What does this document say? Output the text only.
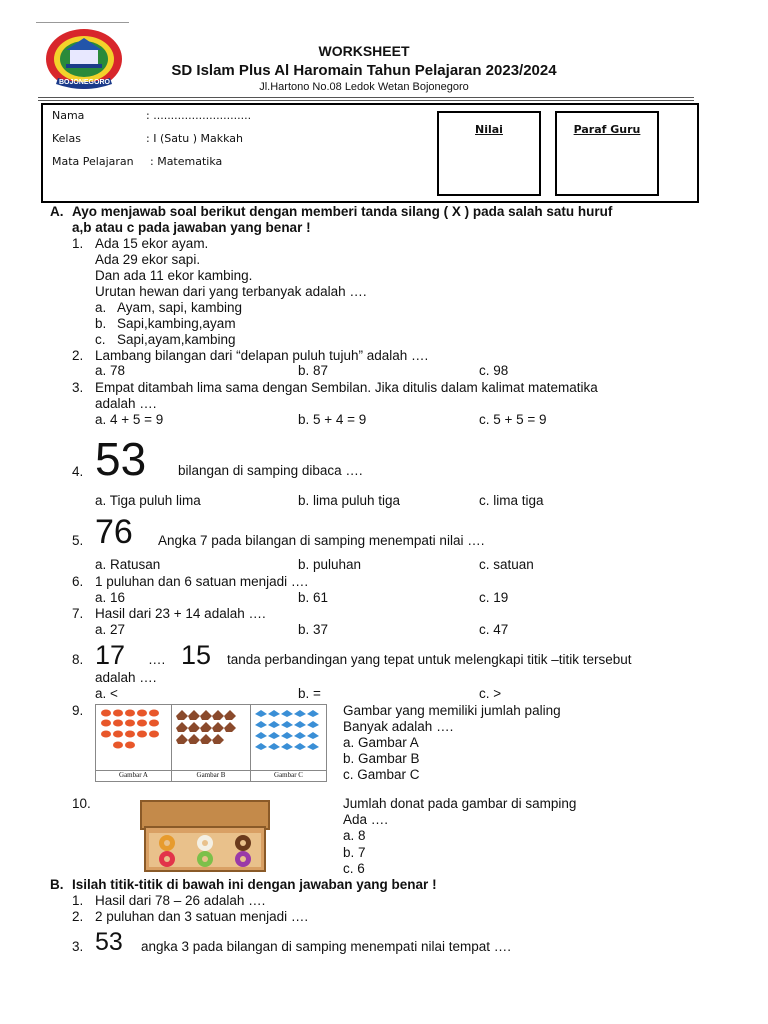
BOJONEGORO
WORKSHEET
SD Islam Plus Al Haromain Tahun Pelajaran 2023/2024
Jl.Hartono No.08 Ledok Wetan Bojonegoro
Nama	: ............................
Kelas	: I (Satu ) Makkah
Mata Pelajaran : Matematika
Nilai	Paraf Guru
A. Ayo menjawab soal berikut dengan memberi tanda silang ( X ) pada salah satu huruf
a,b atau c pada jawaban yang benar !
1. Ada 15 ekor ayam.
Ada 29 ekor sapi.
Dan ada 11 ekor kambing.
Urutan hewan dari yang terbanyak adalah ….
a. Ayam, sapi, kambing
b. Sapi,kambing,ayam
c. Sapi,ayam,kambing
2. Lambang bilangan dari “delapan puluh tujuh” adalah ….
a. 78	b. 87	c. 98
3. Empat ditambah lima sama dengan Sembilan. Jika ditulis dalam kalimat matematika
adalah ….
a. 4 + 5 = 9	b. 5 + 4 = 9	c. 5 + 5 = 9
4. 53 bilangan di samping dibaca ….
a. Tiga puluh lima	b. lima puluh tiga	c. lima tiga
5. 76 Angka 7 pada bilangan di samping menempati nilai ….
a. Ratusan	b. puluhan	c. satuan
6. 1 puluhan dan 6 satuan menjadi ….
a. 16	b. 61	c. 19
7. Hasil dari 23 + 14 adalah ….
a. 27	b. 37	c. 47
8. 17 …. 15 tanda perbandingan yang tepat untuk melengkapi titik –titik tersebut
adalah ….
a. <	b. =	c. >
9.
Gambar A	Gambar B	Gambar C
Gambar yang memiliki jumlah paling
Banyak adalah ….
a. Gambar A
b. Gambar B
c. Gambar C
10.	Jumlah donat pada gambar di samping
Ada ….
a. 8
b. 7
c. 6
B. Isilah titik-titik di bawah ini dengan jawaban yang benar !
1. Hasil dari 78 – 26 adalah ….
2. 2 puluhan dan 3 satuan menjadi ….
3. 53 angka 3 pada bilangan di samping menempati nilai tempat ….
